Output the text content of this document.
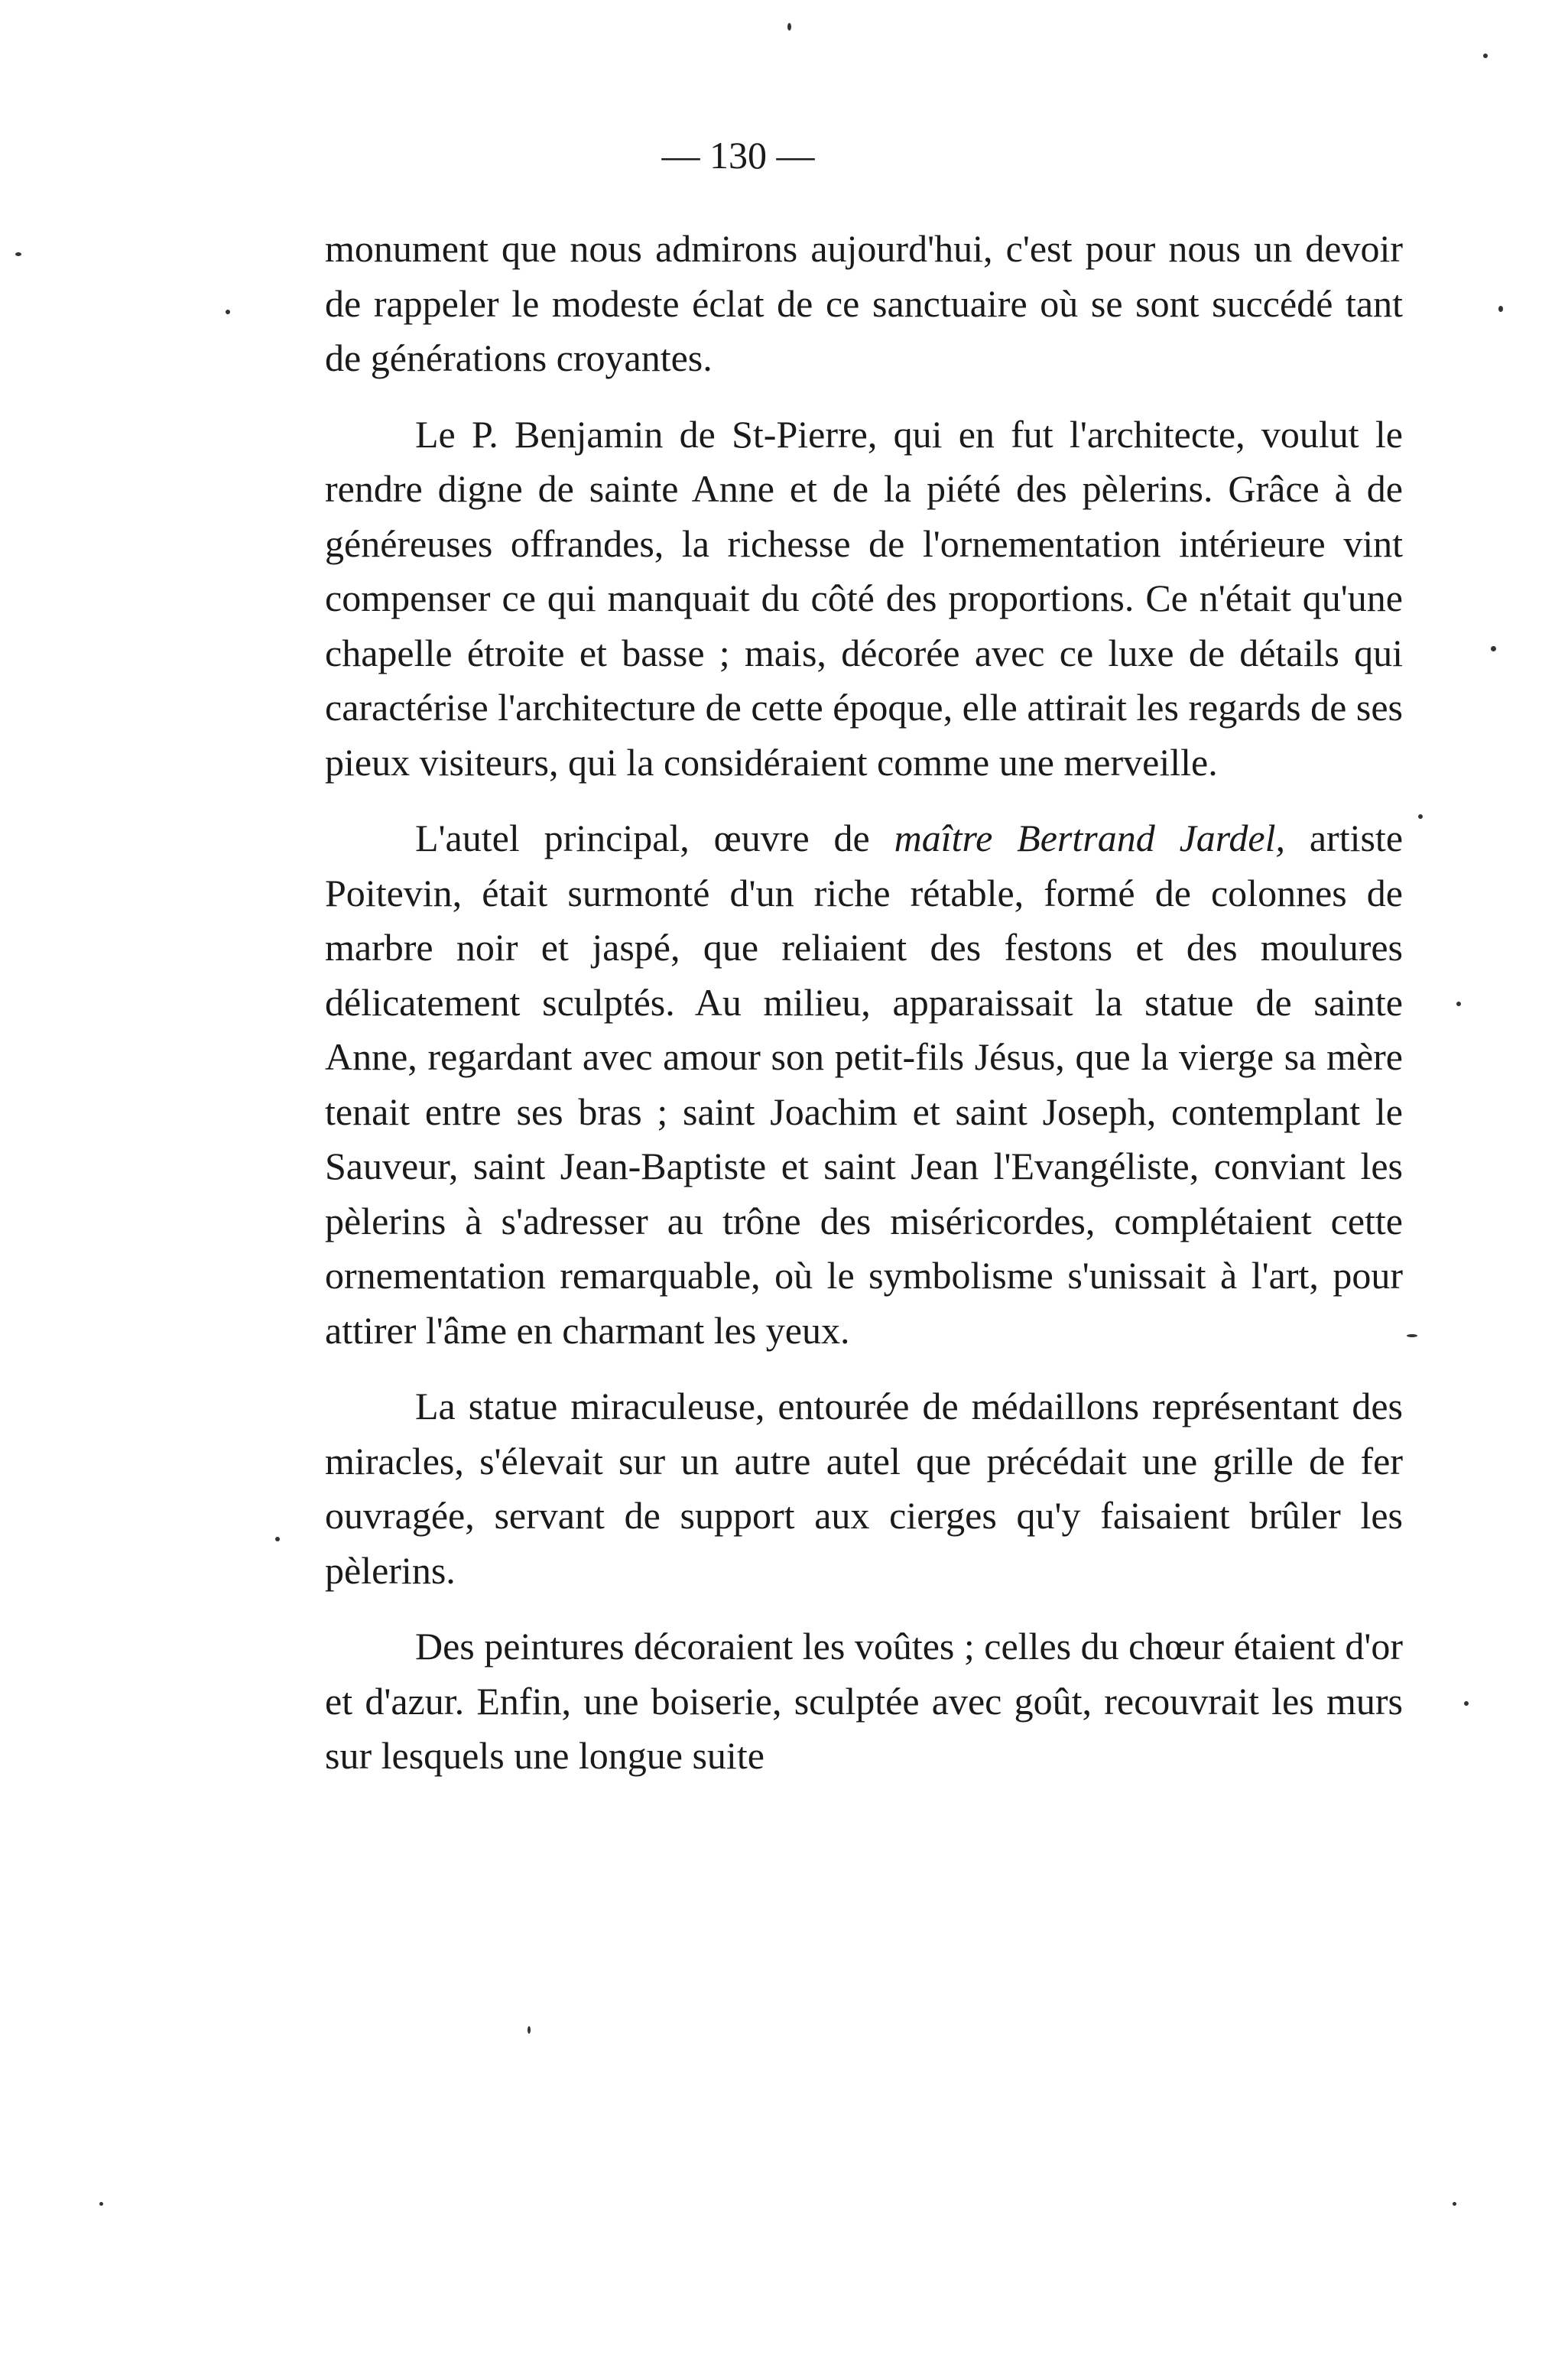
— 130 —

monument que nous admirons aujourd'hui, c'est pour nous un devoir de rappeler le modeste éclat de ce sanctuaire où se sont succédé tant de générations croyantes.

Le P. Benjamin de St-Pierre, qui en fut l'architecte, voulut le rendre digne de sainte Anne et de la piété des pèlerins. Grâce à de généreuses offrandes, la richesse de l'ornementation intérieure vint compenser ce qui manquait du côté des proportions. Ce n'était qu'une chapelle étroite et basse ; mais, décorée avec ce luxe de détails qui caractérise l'architecture de cette époque, elle attirait les regards de ses pieux visiteurs, qui la considéraient comme une merveille.

L'autel principal, œuvre de maître Bertrand Jardel, artiste Poitevin, était surmonté d'un riche rétable, formé de colonnes de marbre noir et jaspé, que reliaient des festons et des moulures délicatement sculptés. Au milieu, apparaissait la statue de sainte Anne, regardant avec amour son petit-fils Jésus, que la vierge sa mère tenait entre ses bras ; saint Joachim et saint Joseph, contemplant le Sauveur, saint Jean-Baptiste et saint Jean l'Evangéliste, conviant les pèlerins à s'adresser au trône des miséricordes, complétaient cette ornementation remarquable, où le symbolisme s'unissait à l'art, pour attirer l'âme en charmant les yeux.

La statue miraculeuse, entourée de médaillons représentant des miracles, s'élevait sur un autre autel que précédait une grille de fer ouvragée, servant de support aux cierges qu'y faisaient brûler les pèlerins.

Des peintures décoraient les voûtes ; celles du chœur étaient d'or et d'azur. Enfin, une boiserie, sculptée avec goût, recouvrait les murs sur lesquels une longue suite
